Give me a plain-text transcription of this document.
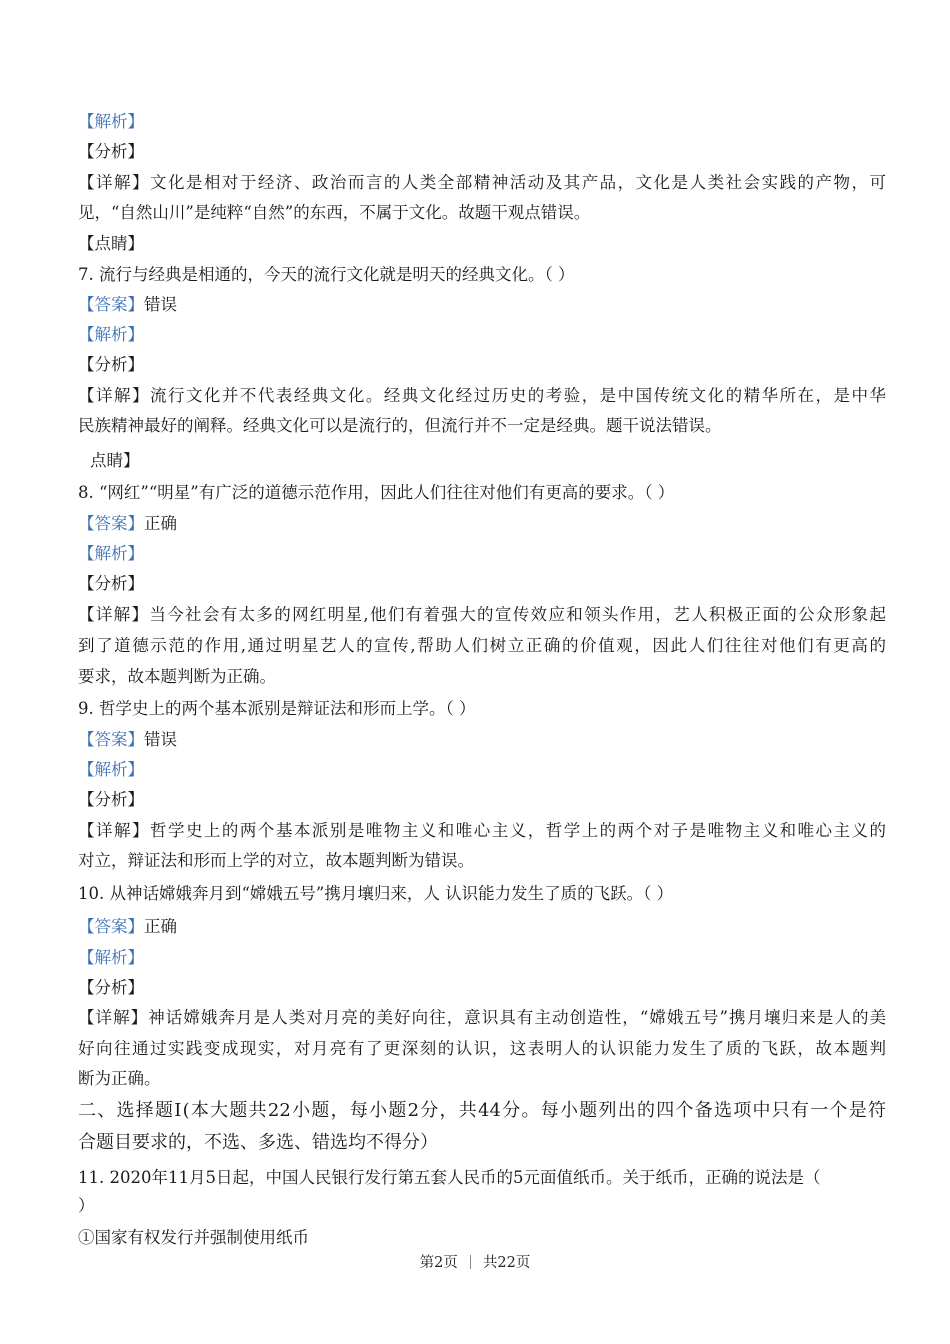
【解析】
【分析】
【详解】文化是相对于经济、政治而言的人类全部精神活动及其产品，文化是人类社会实践的产物，可
见，“自然山川”是纯粹“自然”的东西，不属于文化。故题干观点错误。
【点睛】
7. 流行与经典是相通的，今天的流行文化就是明天的经典文化。（ ）
【答案】错误
【解析】
【分析】
【详解】流行文化并不代表经典文化。经典文化经过历史的考验，是中国传统文化的精华所在，是中华
民族精神最好的阐释。经典文化可以是流行的，但流行并不一定是经典。题干说法错误。
点睛】
8. “网红”“明星”有广泛的道德示范作用，因此人们往往对他们有更高的要求。（ ）
【答案】正确
【解析】
【分析】
【详解】当今社会有太多的网红明星,他们有着强大的宣传效应和领头作用，艺人积极正面的公众形象起
到了道德示范的作用,通过明星艺人的宣传,帮助人们树立正确的价值观，因此人们往往对他们有更高的
要求，故本题判断为正确。
9. 哲学史上的两个基本派别是辩证法和形而上学。（ ）
【答案】错误
【解析】
【分析】
【详解】哲学史上的两个基本派别是唯物主义和唯心主义，哲学上的两个对子是唯物主义和唯心主义的
对立，辩证法和形而上学的对立，故本题判断为错误。
10. 从神话嫦娥奔月到“嫦娥五号”携月壤归来，人 认识能力发生了质的飞跃。（ ）
【答案】正确
【解析】
【分析】
【详解】神话嫦娥奔月是人类对月亮的美好向往，意识具有主动创造性，“嫦娥五号”携月壤归来是人的美
好向往通过实践变成现实，对月亮有了更深刻的认识，这表明人的认识能力发生了质的飞跃，故本题判
断为正确。
二、选择题Ⅰ(本大题共22小题，每小题2分，共44分。每小题列出的四个备选项中只有一个是符
合题目要求的，不选、多选、错选均不得分）
11. 2020年11月5日起，中国人民银行发行第五套人民币的5元面值纸币。关于纸币，正确的说法是（
）
①国家有权发行并强制使用纸币
第2页 共22页
